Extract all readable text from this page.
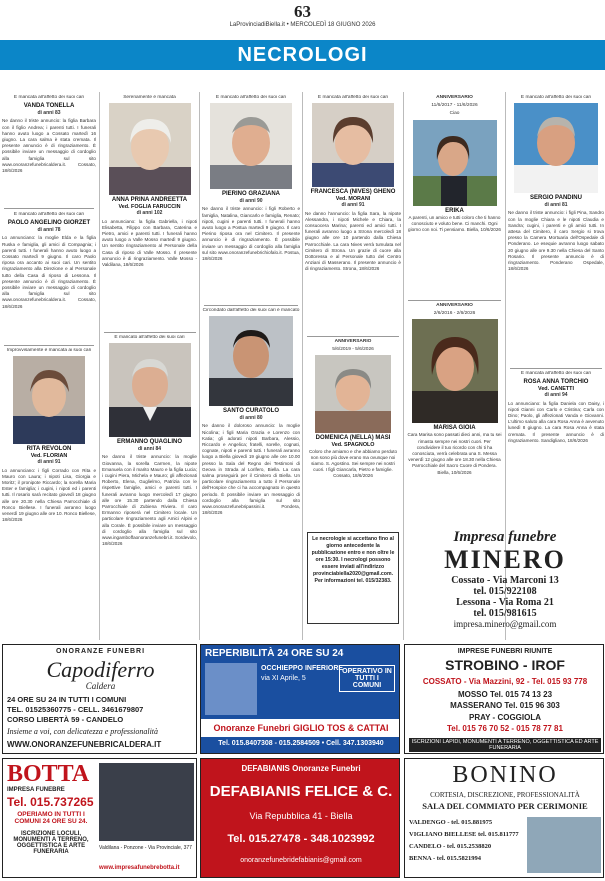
63
LaProvinciadiBiella.it • MERCOLEDÌ 18 GIUGNO 2026
NECROLOGI
È mancata all'affetto dei suoi cari
VANDA TONELLA
di anni 83
Ne danno il triste annuncio: la figlia Barbara con il figlio Andrea; i parenti tutti. I funerali hanno avuto luogo a Cossato martedì 16 giugno. La cara salma è stata cremata. Il presente annuncio è di ringraziamento. È possibile inviare un messaggio di cordoglio alla famiglia sul sito www.onoranzefunebricaldera.it. Cossato, 18/6/2026
È mancato all'affetto dei suoi cari
PAOLO ANGELINO GIORZET
di anni 78
Lo annunciano: la moglie Elda e la figlia Ruska e famiglia, gli amici di Compagnia; i parenti tutti. I funerali hanno avuto luogo a Cossato martedì 9 giugno. Il caro Paolo riposa ora accanto ai suoi cari. Un sentito ringraziamento alla Direzione e al Personale tutto della Casa di riposo di Lessona. Il presente annuncio è di ringraziamento. È possibile inviare un messaggio di cordoglio alla famiglia sul sito www.onoranzefunebricaldera.it. Cossato, 18/6/2026
Improvvisamente è mancata ai suoi cari
RITA REVOLON
Ved. FLORIAN
di anni 91
Lo annunciano: i figli Corrado con Rita e Mauro con Laura; i nipoti Lisa, Giorgia e Moritz; il pronipote Riccardo; la sorella Maria Ester e famiglia; i cugini, i nipoti ed i parenti tutti. Il rosario sarà recitato giovedì 18 giugno alle ore 20.30 nella Chiesa Parrocchiale di Ronco Biellese. I funerali avranno luogo venerdì 19 giugno alle ore 10. Ronco Biellese, 18/6/2026
Serenamente è mancata
ANNA PRINA ANDREETTA
Ved. FOGLIA FARUCCIN
di anni 102
Lo annunciano: la figlia Gabriella, i nipoti Elisabetta, Filippo con Barbara, Caterina e Pietro, amici e parenti tutti. I funerali hanno avuto luogo a Valle Mosso martedì 9 giugno. Un sentito ringraziamento al Personale della Casa di riposo di Valle Mosso. Il presente annuncio è di ringraziamento. Valle Mosso - Valdilana, 18/6/2026
È mancato all'affetto dei suoi cari
ERMANNO QUAGLINO
di anni 84
Ne danno il triste annuncio: la moglie Giovanna, la sorella Carmen, la nipote Emanuela con il marito Mauro e la figlia Lucia; i cugini Piera, Michela e Mauro; gli affezionati Roberto, Elena, Guglielmo, Patrizia con le rispettive famiglie, amici e parenti tutti. I funerali avranno luogo mercoledì 17 giugno alle ore 15.30 partendo dalla Chiesa Parrocchiale di Zubiena Riviera. Il caro Ermanno riposerà nel Cimitero locale. Un particolare ringraziamento agli Amici Alpini e alla Corale. È possibile inviare un messaggio di cordoglio alla famiglia sul sito www.ingamboffaonoranzefunebri.it. Sordevolo, 18/6/2026
È mancato all'affetto dei suoi cari
PIERINO GRAZIANA
di anni 90
Ne danno il triste annuncio: i figli Roberto e famiglia, Natalina, Giancarlo e famiglia, Renato; nipoti, cugini e parenti tutti. I funerali hanno avuto luogo a Postua martedì 9 giugno. Il caro Pierino riposa ora nel Cimitero. Il presente annuncio è di ringraziamento. È possibile inviare un messaggio di cordoglio alla famiglia sul sito www.onoranzefunebrichiofalo.it. Postua, 18/6/2026
Circondato dall'affetto dei suoi cari è mancato
SANTO CURATOLO
di anni 80
Ne danno il doloroso annuncio: la moglie Nicolina; i figli Maria Grazia e Lorenzo con Katia; gli adorati nipoti Barbara, Alessio, Riccardo e Angelica; fratelli, sorelle, cognati, cognate, nipoti e parenti tutti. I funerali avranno luogo a Biella giovedì 19 giugno alle ore 10.00 presso la Sala del Regno dei Testimoni di Geova in Strada al Lorifero, Biella. La cara salma proseguirà per il Cimitero di Biella. Un particolare ringraziamento a tutto il Personale dell'Hospice che ci ha accompagnato in questo periodo. È possibile inviare un messaggio di cordoglio alla famiglia sul sito www.onoranzefunebripassini.it. Pondera, 18/6/2026
È mancata all'affetto dei suoi cari
FRANCESCA (NIVES) GHENO
Ved. MORANI
di anni 91
Ne danno l'annuncio: la figlia Sara, la nipote Alessandra, i nipoti Michele e Chiara, la consuocera Marina; parenti ed amici tutti. I funerali avranno luogo a Strona mercoledì 18 giugno alle ore 10 partendo dalla Chiesa Parrocchiale. La cara Nives verrà tumulata nel Cimitero di Strona. Un grazie di cuore alla Dottoressa e al Personale tutto del Centro Anziani di Masserano. Il presente annuncio è di ringraziamento. Strona, 18/6/2026
ANNIVERSARIO
5/6/2019 - 5/6/2026
DOMENICA (NELLA) MASI
Ved. SPAGNOLO
Coloro che amiamo e che abbiamo perduto non sono più dove erano ma ovunque noi siamo. S. Agostino. Sei sempre nei nostri cuori. I figli Giancarla, Pietro e famiglie. Cossato, 18/6/2026
Le necrologie si accettano fino al giorno antecedente la pubblicazione entro e non oltre le ore 15:30. I necrologi possono essere inviati all'indirizzo provinciabiella2020@gmail.com. Per informazioni tel. 015/32383.
ANNIVERSARIO
11/6/2017 - 11/6/2026
Ciao
ERIKA
A parenti, un amico e tutti coloro che ti hanno conosciuto e voluto bene. Ci manchi. Ogni giorno con noi. Ti pensiamo. Biella, 10/6/2026
ANNIVERSARIO
2/6/2016 - 2/6/2026
MARISA GIOIA
Cara Marisa sono passati dieci anni, ma tu sei rimasta sempre nei nostri cuori. Per condividere il tuo ricordo con chi ti ha conosciuta, verrà celebrata una S. Messa venerdì 12 giugno alle ore 18.30 nella Chiesa Parrocchiale del Sacro Cuore di Pondera. Biella, 10/6/2026
È mancato all'affetto dei suoi cari
SERGIO PANDINU
di anni 81
Ne danno il triste annuncio: i figli Pina, Sandro con la moglie Chiara e le nipoti Claudia e Sandra; cugini, i parenti e gli amici tutti. In attesa del Cimitero, il caro Sergio si trova presso la Camera Mortuaria dell'Ospedale di Ponderano. Le esequie avranno luogo sabato 20 giugno alle ore 9.30 nella Chiesa del Santo Rosario. Il presente annuncio è di ringraziamento. Ponderano Ospedale, 18/6/2026
È mancata all'affetto dei suoi cari
ROSA ANNA TORCHIO
Ved. CANETTI
di anni 94
Lo annunciano: la figlia Daniela con Daisy, i nipoti Gianni con Carlo e Cristina; Carla con Dino; Paolo, gli affezionati Vanda e Giovanni. L'ultimo saluto alla cara Rosa Anna è avvenuto lunedì 8 giugno. La cara Rosa Anna è stata cremata. Il presente annuncio è di ringraziamento. Sandigliano, 18/6/2026
Impresa funebre
MINERO
Cossato - Via Marconi 13
tel. 015/922108
Lessona - Via Roma 21
tel. 015/981615
impresa.minero@gmail.com
ONORANZE FUNEBRI
Capodiferro
Caldera
24 ORE SU 24 IN TUTTI I COMUNI
TEL. 01525360775 - CELL. 3461679807
CORSO LIBERTÀ 59 - CANDELO
Insieme a voi, con delicatezza e professionalità
WWW.ONORANZEFUNEBRICALDERA.IT
REPERIBILITÀ 24 ORE SU 24
OCCHIEPPO INFERIORE
via XI Aprile, 5
OPERATIVO IN TUTTI I COMUNI
Onoranze Funebri GIGLIO TOS & CATTAI
Tel. 015.8407308 - 015.2584509 • Cell. 347.1303940
IMPRESE FUNEBRI RIUNITE
STROBINO - IROF
COSSATO - Via Mazzini, 92 - Tel. 015 93 778
MOSSO Tel. 015 74 13 23
MASSERANO Tel. 015 96 303
PRAY - COGGIOLA
Tel. 015 76 70 52 - 015 78 77 81
ISCRIZIONI LAPIDI, MONUMENTI A TERRENO, OGGETTISTICA ED ARTE FUNERARIA
BOTTA
IMPRESA FUNEBRE
Tel. 015.737265
OPERIAMO IN TUTTI I COMUNI 24 ORE SU 24.
ISCRIZIONE LOCULI, MONUMENTI A TERRENO, OGGETTISTICA E ARTE FUNERARIA
Valdilana - Ponzone - Via Provinciale, 377
www.impresafunebrebotta.it
DEFABIANIS Onoranze Funebri
DEFABIANIS FELICE & C.
Via Repubblica 41 - Biella
Tel. 015.27478 - 348.1023992
onoranzefunebridefabianis@gmail.com
BONINO
CORTESIA, DISCREZIONE, PROFESSIONALITÀ
SALA DEL COMMIATO PER CERIMONIE
VALDENGO - tel. 015.881975
VIGLIANO BIELLESE tel. 015.811777
CANDELO - tel. 015.2538820
BENNA - tel. 015.5821994
